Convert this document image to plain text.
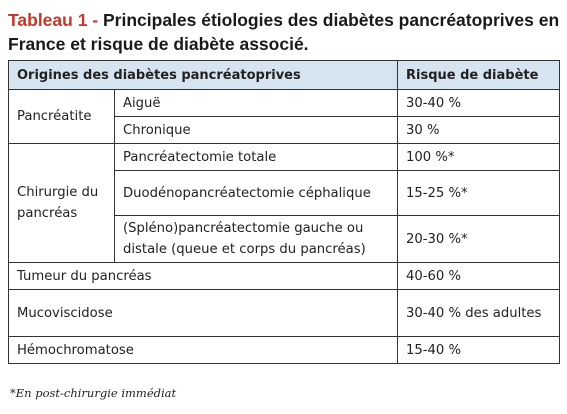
Tableau 1 - Principales étiologies des diabètes pancréatoprives en France et risque de diabète associé.
Origines des diabètes pancréatoprives		Risque de diabète
Pancréatite	Aiguë	30-40 %
	Chronique	30 %
Chirurgie du pancréas	Pancréatectomie totale	100 %*
	Duodénopancréatectomie céphalique	15-25 %*
	(Spléno)pancréatectomie gauche ou distale (queue et corps du pancréas)	20-30 %*
Tumeur du pancréas		40-60 %
Mucoviscidose		30-40 % des adultes
Hémochromatose		15-40 %
*En post-chirurgie immédiat
